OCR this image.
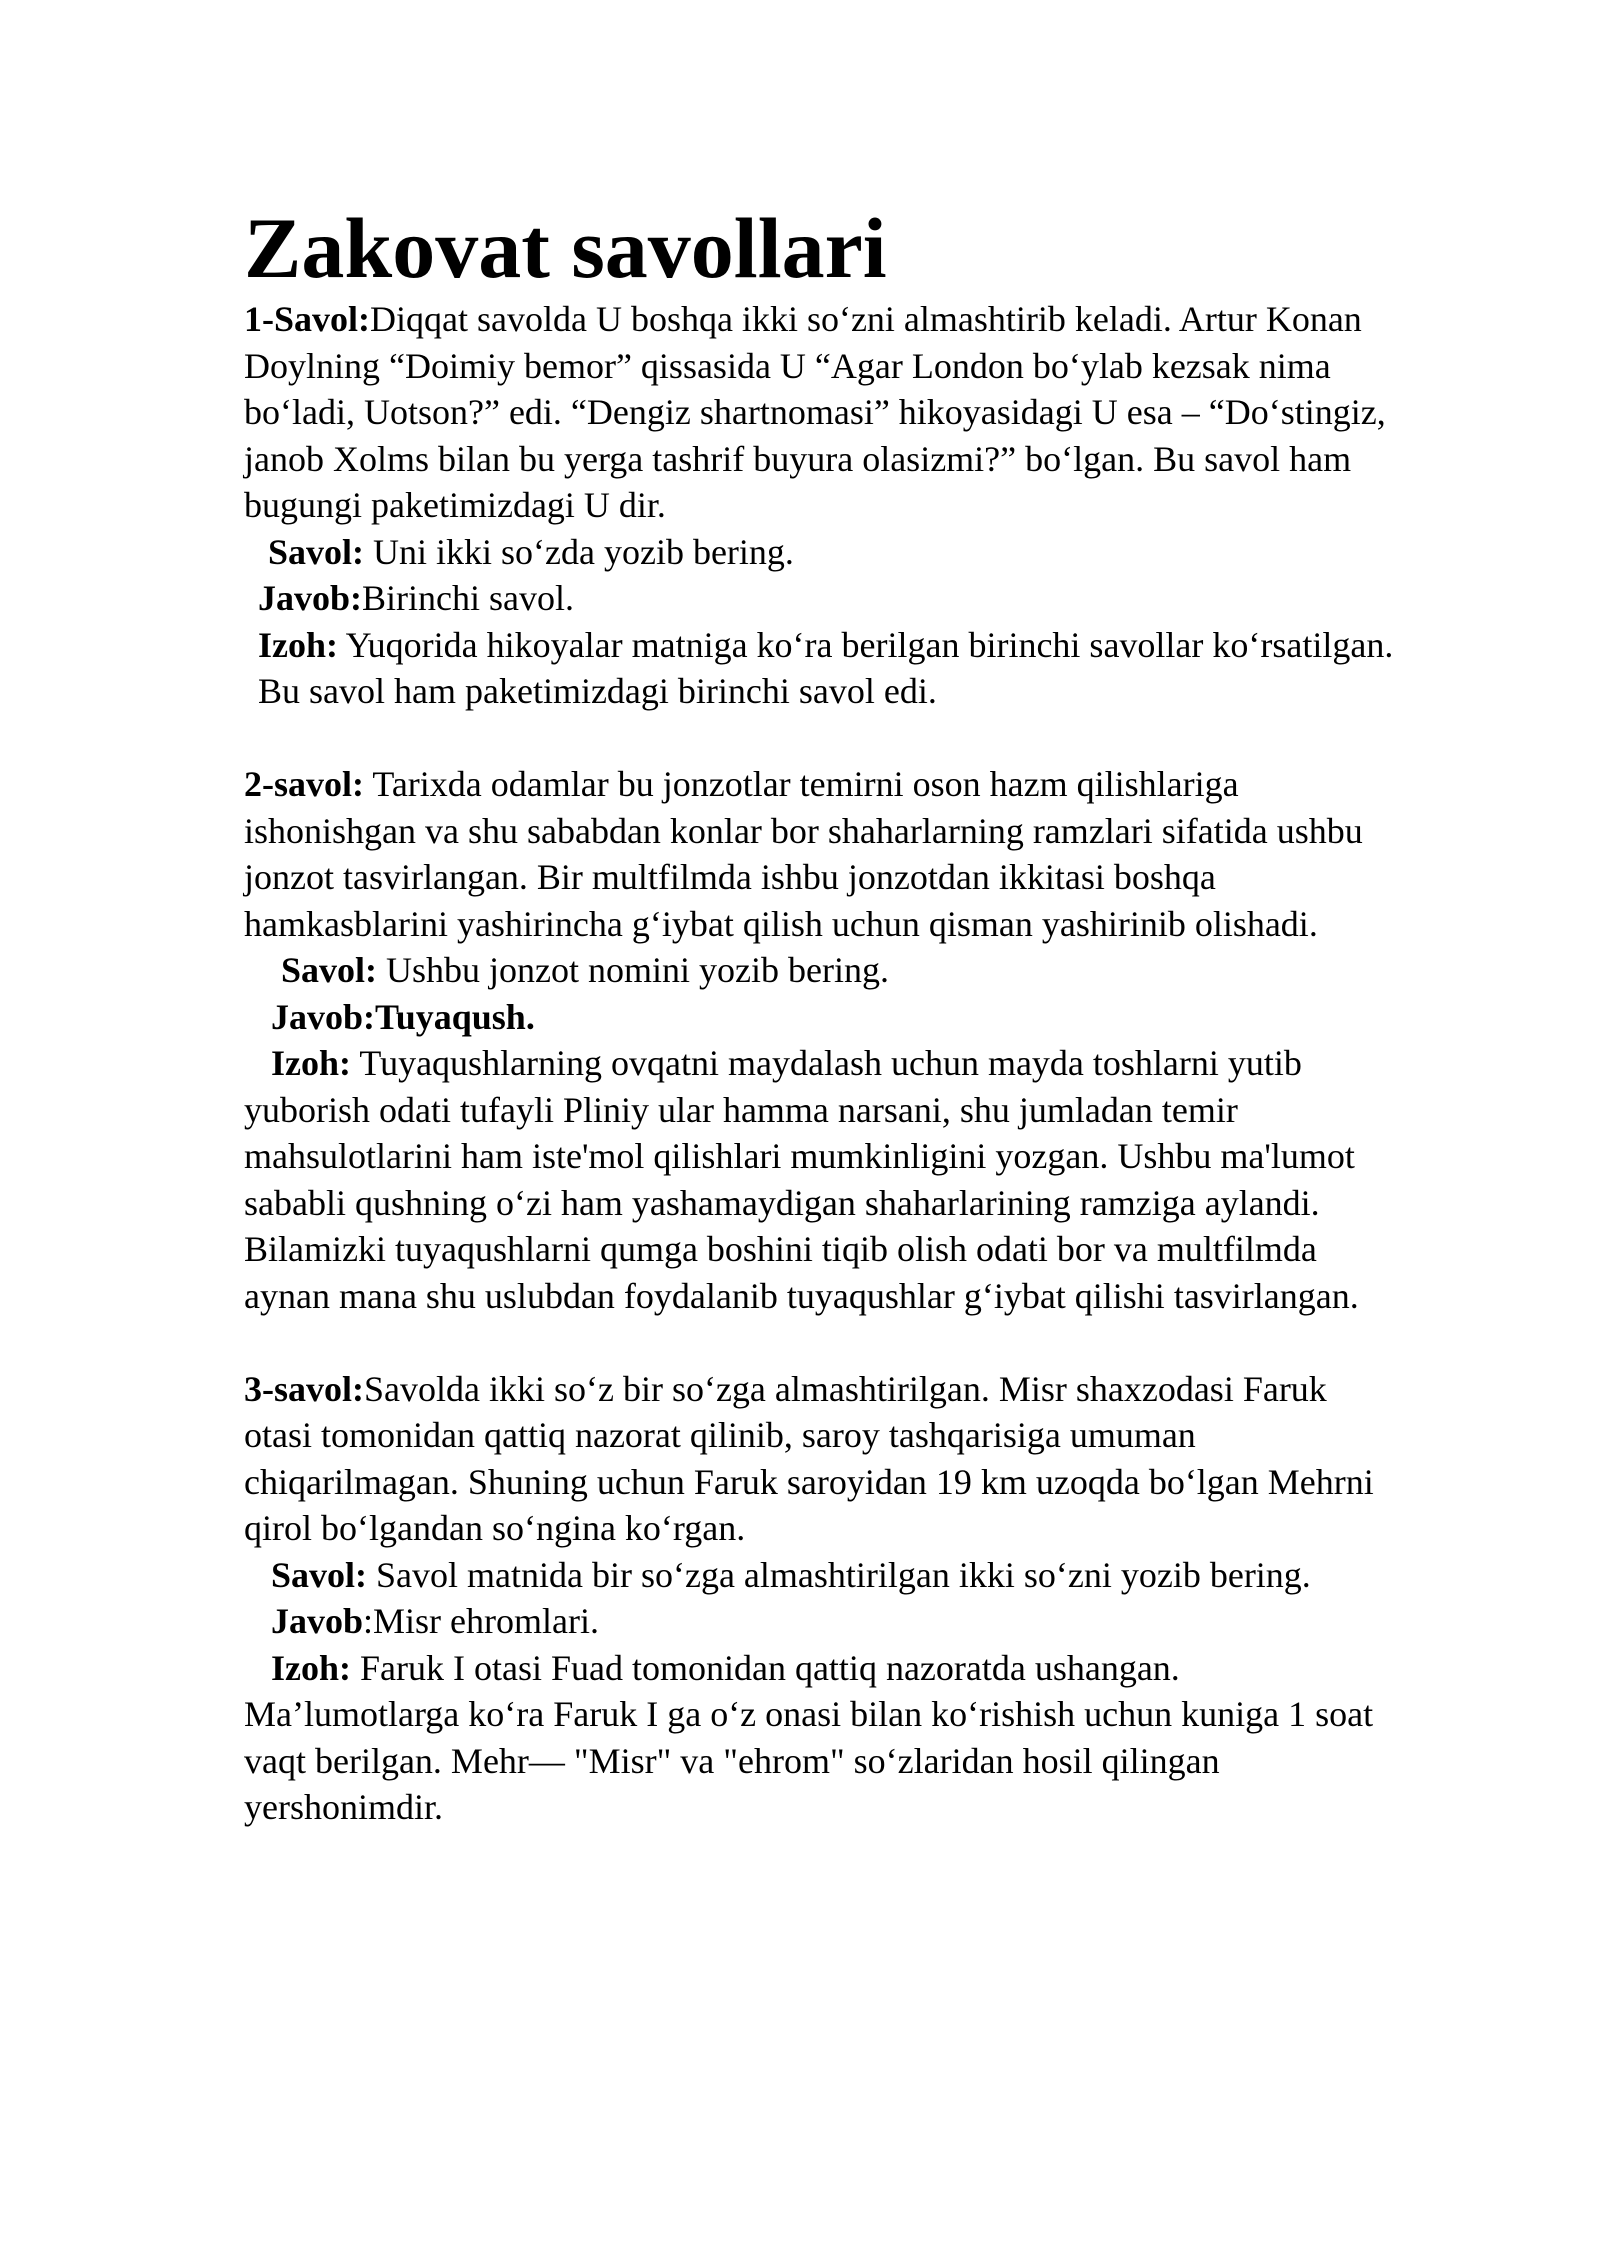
Zakovat savollari

1-Savol:Diqqat savolda U boshqa ikki so‘zni almashtirib keladi. Artur Konan Doylning “Doimiy bemor” qissasida U “Agar London bo‘ylab kezsak nima bo‘ladi, Uotson?” edi. “Dengiz shartnomasi” hikoyasidagi U esa – “Do‘stingiz, janob Xolms bilan bu yerga tashrif buyura olasizmi?” bo‘lgan. Bu savol ham bugungi paketimizdagi U dir.

Savol: Uni ikki so‘zda yozib bering.

Javob:Birinchi savol.

Izoh: Yuqorida hikoyalar matniga ko‘ra berilgan birinchi savollar ko‘rsatilgan. Bu savol ham paketimizdagi birinchi savol edi.

2-savol: Tarixda odamlar bu jonzotlar temirni oson hazm qilishlariga ishonishgan va shu sababdan konlar bor shaharlarning ramzlari sifatida ushbu jonzot tasvirlangan. Bir multfilmda ishbu jonzotdan ikkitasi boshqa hamkasblarini yashirincha g‘iybat qilish uchun qisman yashirinib olishadi.

Savol: Ushbu jonzot nomini yozib bering.

Javob:Tuyaqush.

Izoh: Tuyaqushlarning ovqatni maydalash uchun mayda toshlarni yutib yuborish odati tufayli Pliniy ular hamma narsani, shu jumladan temir mahsulotlarini ham iste'mol qilishlari mumkinligini yozgan. Ushbu ma'lumot sababli qushning o‘zi ham yashamaydigan shaharlarining ramziga aylandi. Bilamizki tuyaqushlarni qumga boshini tiqib olish odati bor va multfilmda aynan mana shu uslubdan foydalanib tuyaqushlar g‘iybat qilishi tasvirlangan.

3-savol:Savolda ikki so‘z bir so‘zga almashtirilgan. Misr shaxzodasi Faruk otasi tomonidan qattiq nazorat qilinib, saroy tashqarisiga umuman chiqarilmagan. Shuning uchun Faruk saroyidan 19 km uzoqda bo‘lgan Mehrni qirol bo‘lgandan so‘ngina ko‘rgan.

Savol: Savol matnida bir so‘zga almashtirilgan ikki so‘zni yozib bering.

Javob:Misr ehromlari.

Izoh: Faruk I otasi Fuad tomonidan qattiq nazoratda ushangan. Ma’lumotlarga ko‘ra Faruk I ga o‘z onasi bilan ko‘rishish uchun kuniga 1 soat vaqt berilgan. Mehr— "Misr" va "ehrom" so‘zlaridan hosil qilingan yershonimdir.
